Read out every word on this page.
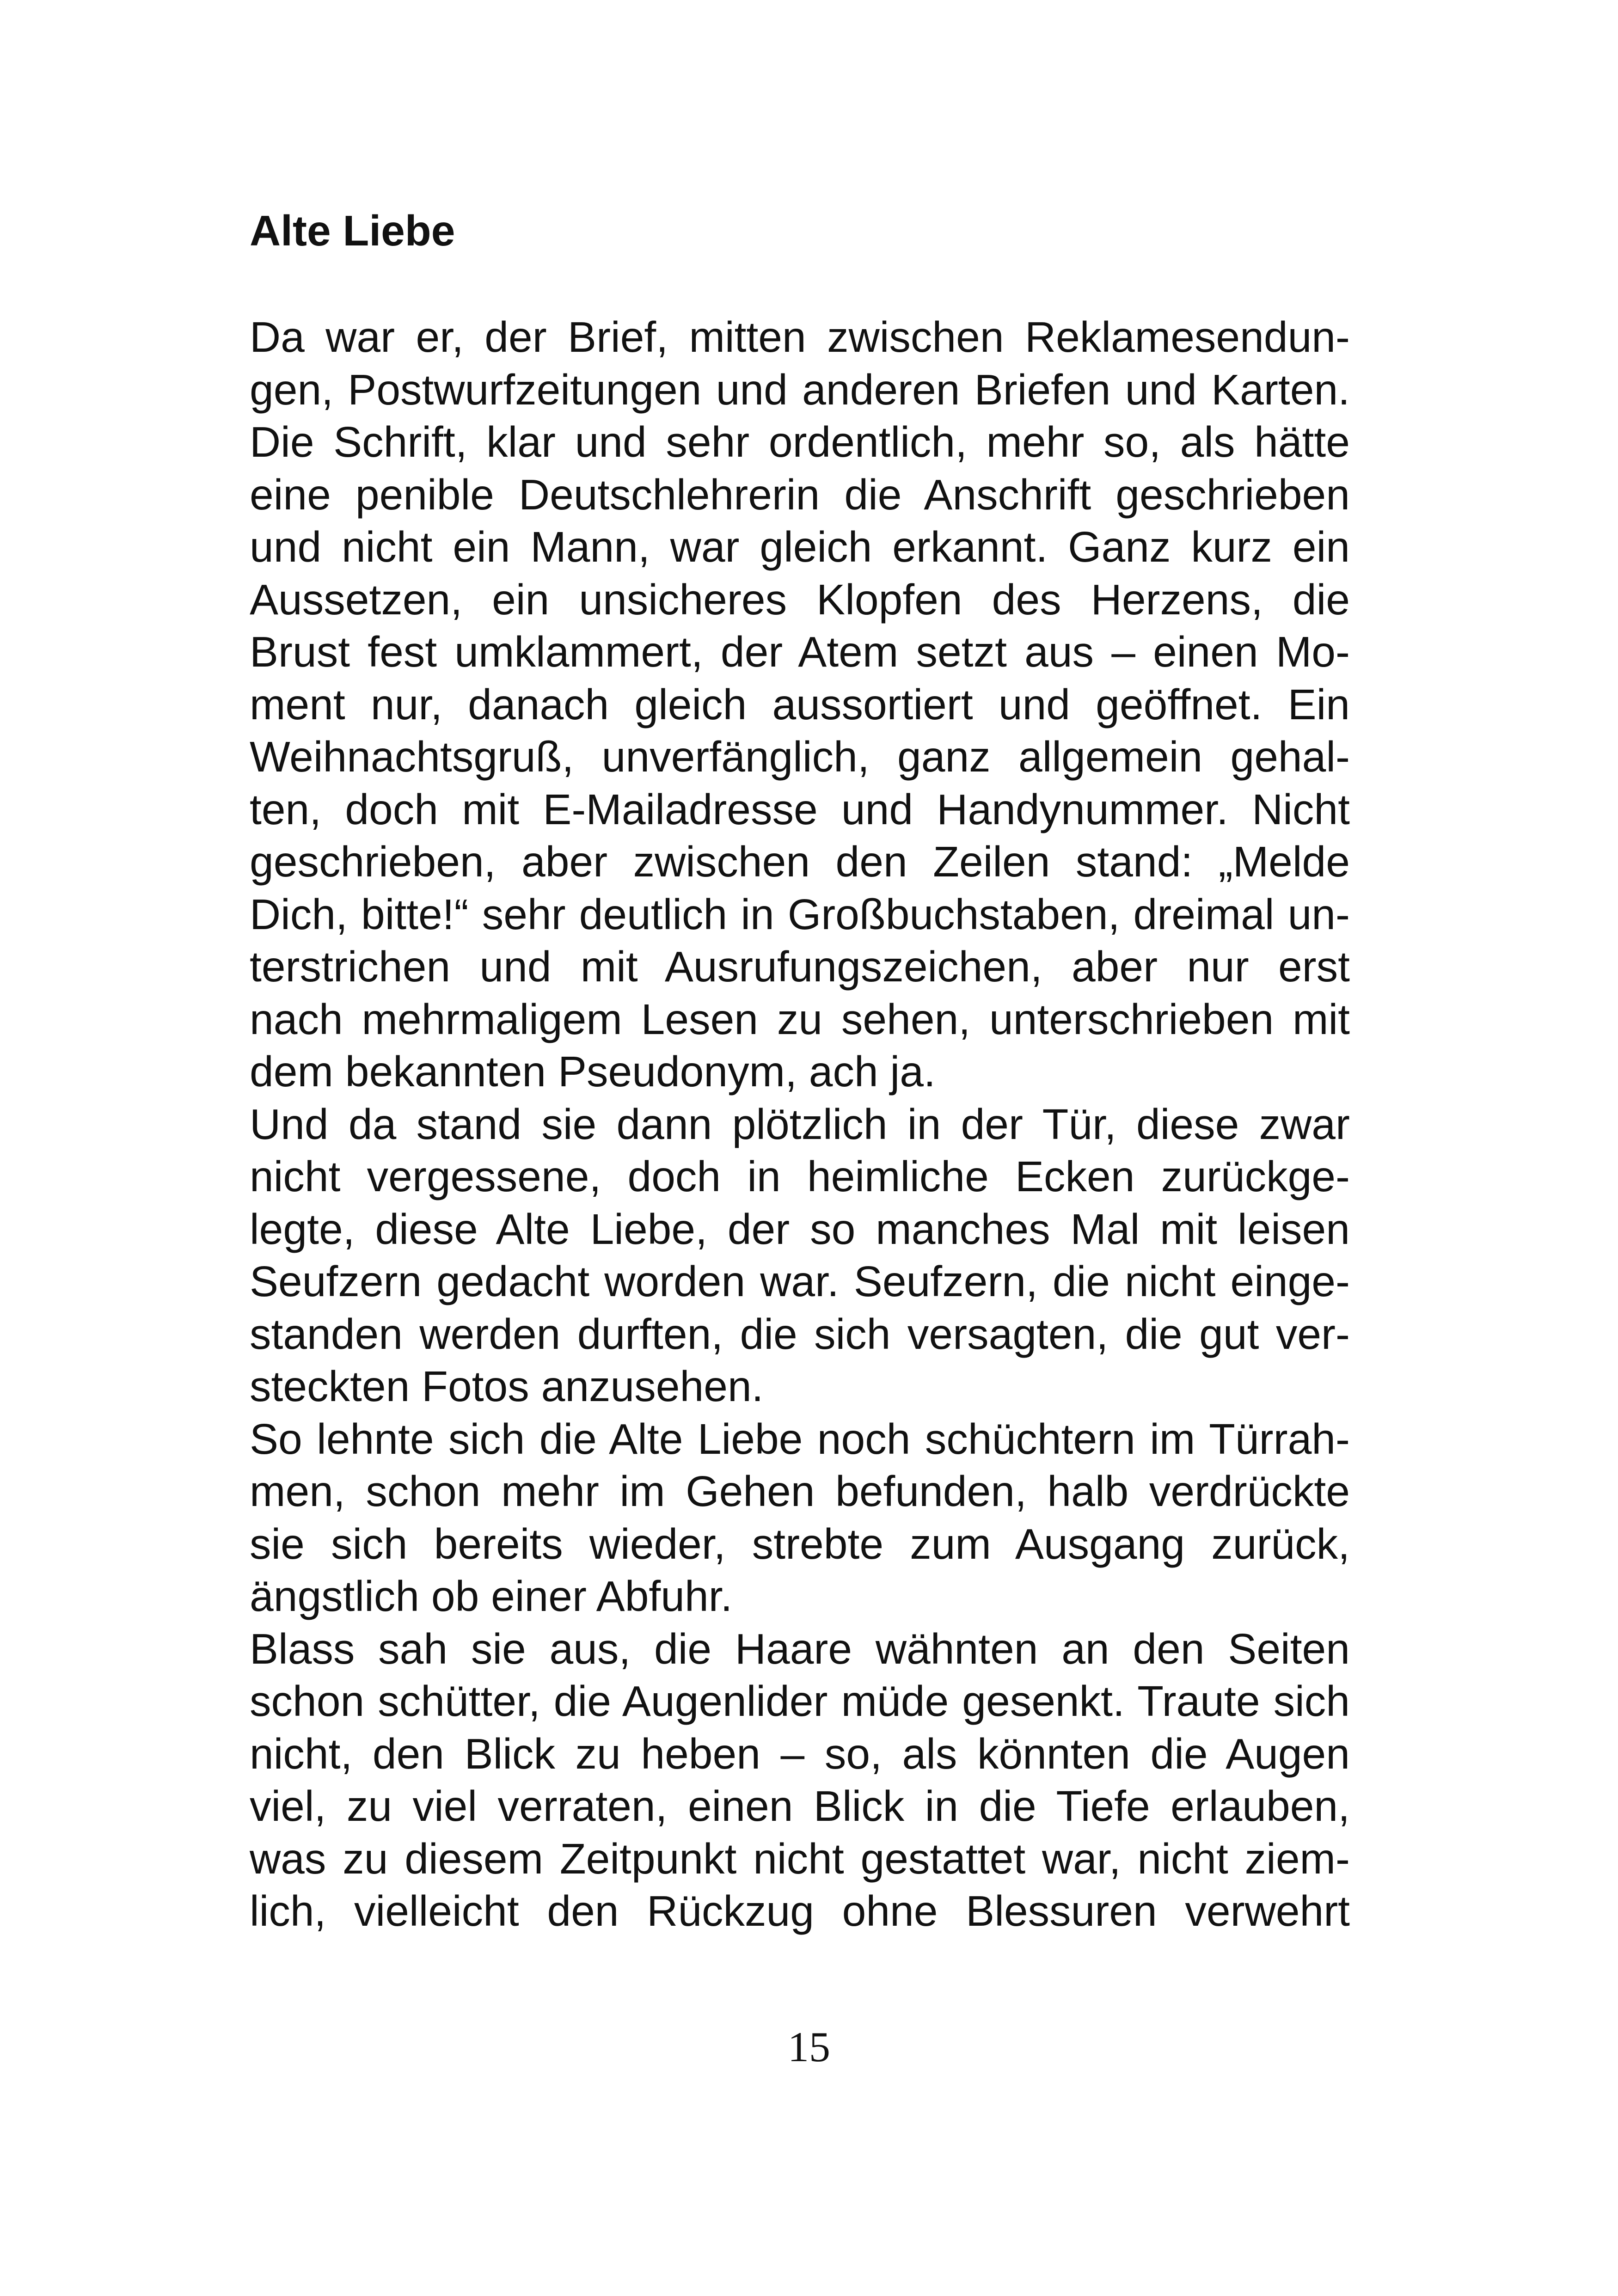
Alte Liebe
Da war er, der Brief, mitten zwischen Reklamesendun-
gen, Postwurfzeitungen und anderen Briefen und Karten.
Die Schrift, klar und sehr ordentlich, mehr so, als hätte
eine penible Deutschlehrerin die Anschrift geschrieben
und nicht ein Mann, war gleich erkannt. Ganz kurz ein
Aussetzen, ein unsicheres Klopfen des Herzens, die
Brust fest umklammert, der Atem setzt aus – einen Mo-
ment nur, danach gleich aussortiert und geöffnet. Ein
Weihnachtsgruß, unverfänglich, ganz allgemein gehal-
ten, doch mit E-Mailadresse und Handynummer. Nicht
geschrieben, aber zwischen den Zeilen stand: „Melde
Dich, bitte!“ sehr deutlich in Großbuchstaben, dreimal un-
terstrichen und mit Ausrufungszeichen, aber nur erst
nach mehrmaligem Lesen zu sehen, unterschrieben mit
dem bekannten Pseudonym, ach ja.
Und da stand sie dann plötzlich in der Tür, diese zwar
nicht vergessene, doch in heimliche Ecken zurückge-
legte, diese Alte Liebe, der so manches Mal mit leisen
Seufzern gedacht worden war. Seufzern, die nicht einge-
standen werden durften, die sich versagten, die gut ver-
steckten Fotos anzusehen.
So lehnte sich die Alte Liebe noch schüchtern im Türrah-
men, schon mehr im Gehen befunden, halb verdrückte
sie sich bereits wieder, strebte zum Ausgang zurück,
ängstlich ob einer Abfuhr.
Blass sah sie aus, die Haare wähnten an den Seiten
schon schütter, die Augenlider müde gesenkt. Traute sich
nicht, den Blick zu heben – so, als könnten die Augen
viel, zu viel verraten, einen Blick in die Tiefe erlauben,
was zu diesem Zeitpunkt nicht gestattet war, nicht ziem-
lich, vielleicht den Rückzug ohne Blessuren verwehrt
15
